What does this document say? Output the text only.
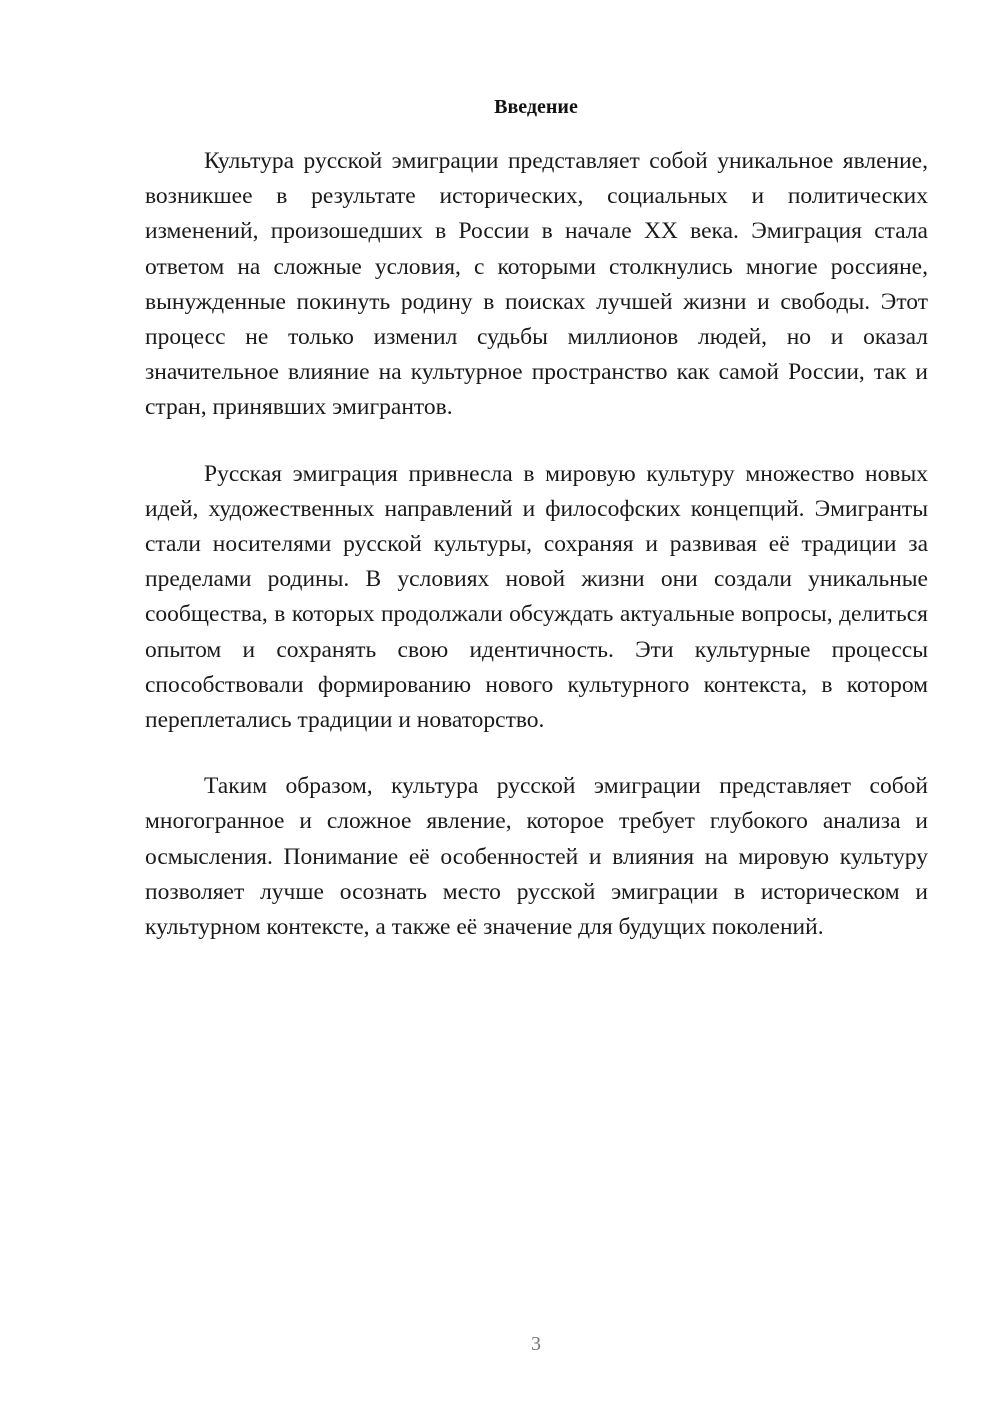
Введение

Культура русской эмиграции представляет собой уникальное явление, возникшее в результате исторических, социальных и политических изменений, произошедших в России в начале XX века. Эмиграция стала ответом на сложные условия, с которыми столкнулись многие россияне, вынужденные покинуть родину в поисках лучшей жизни и свободы. Этот процесс не только изменил судьбы миллионов людей, но и оказал значительное влияние на культурное пространство как самой России, так и стран, принявших эмигрантов.

Русская эмиграция привнесла в мировую культуру множество новых идей, художественных направлений и философских концепций. Эмигранты стали носителями русской культуры, сохраняя и развивая её традиции за пределами родины. В условиях новой жизни они создали уникальные сообщества, в которых продолжали обсуждать актуальные вопросы, делиться опытом и сохранять свою идентичность. Эти культурные процессы способствовали формированию нового культурного контекста, в котором переплетались традиции и новаторство.

Таким образом, культура русской эмиграции представляет собой многогранное и сложное явление, которое требует глубокого анализа и осмысления. Понимание её особенностей и влияния на мировую культуру позволяет лучше осознать место русской эмиграции в историческом и культурном контексте, а также её значение для будущих поколений.

3
